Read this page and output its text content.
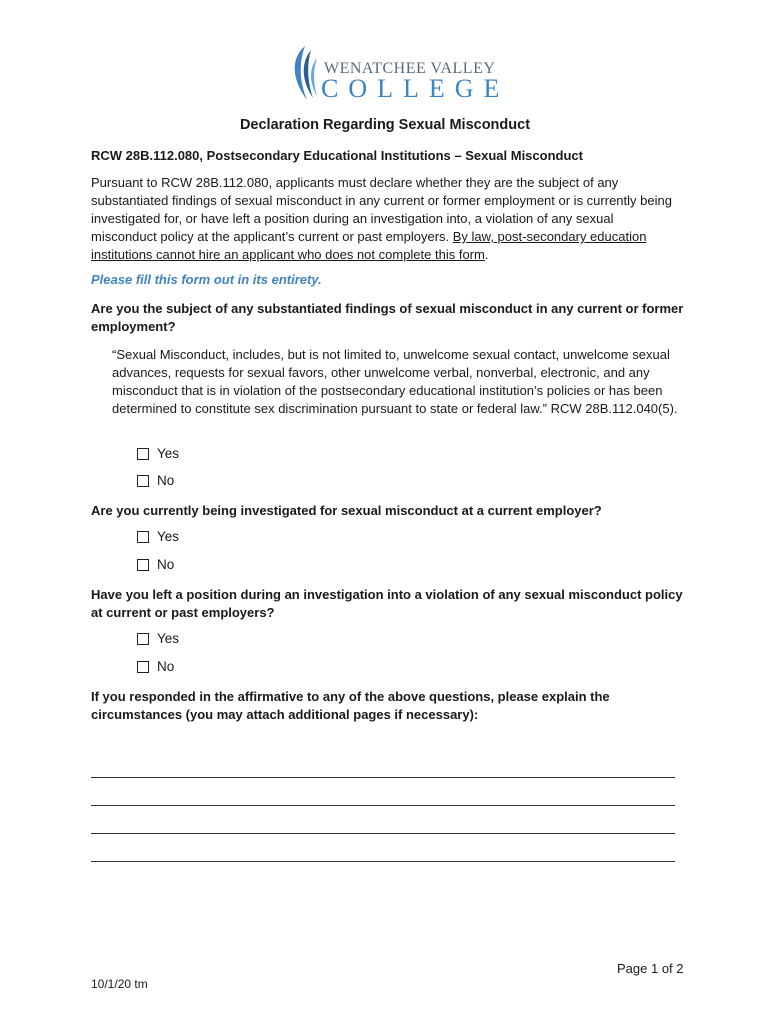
WENATCHEE VALLEY
COLLEGE
Declaration Regarding Sexual Misconduct
RCW 28B.112.080, Postsecondary Educational Institutions – Sexual Misconduct
Pursuant to RCW 28B.112.080, applicants must declare whether they are the subject of any substantiated findings of sexual misconduct in any current or former employment or is currently being investigated for, or have left a position during an investigation into, a violation of any sexual misconduct policy at the applicant’s current or past employers. By law, post-secondary education institutions cannot hire an applicant who does not complete this form.
Please fill this form out in its entirety.
Are you the subject of any substantiated findings of sexual misconduct in any current or former employment?
“Sexual Misconduct, includes, but is not limited to, unwelcome sexual contact, unwelcome sexual advances, requests for sexual favors, other unwelcome verbal, nonverbal, electronic, and any misconduct that is in violation of the postsecondary educational institution’s policies or has been determined to constitute sex discrimination pursuant to state or federal law.” RCW 28B.112.040(5).
Yes
No
Are you currently being investigated for sexual misconduct at a current employer?
Yes
No
Have you left a position during an investigation into a violation of any sexual misconduct policy at current or past employers?
Yes
No
If you responded in the affirmative to any of the above questions, please explain the circumstances (you may attach additional pages if necessary):
Page 1 of 2
10/1/20 tm
